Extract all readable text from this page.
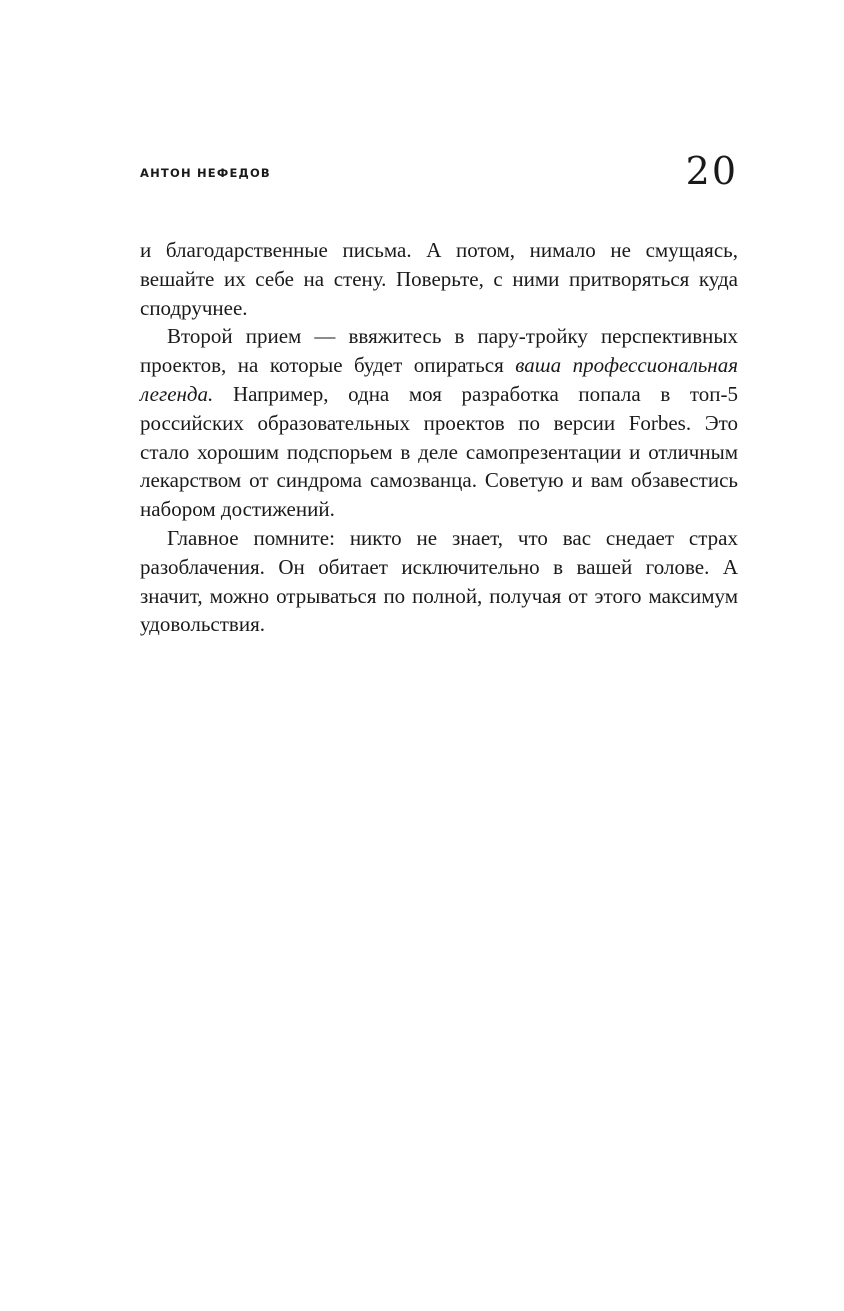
АНТОН НЕФЕДОВ	20

и благодарственные письма. А потом, нимало не смущаясь, вешайте их себе на стену. Поверьте, с ними притворяться куда сподручнее.

Второй прием — ввяжитесь в пару-тройку перспективных проектов, на которые будет опираться ваша профессиональная легенда. Например, одна моя разработка попала в топ-5 российских образовательных проектов по версии Forbes. Это стало хорошим подспорьем в деле самопрезентации и отличным лекарством от синдрома самозванца. Советую и вам обзавестись набором достижений.

Главное помните: никто не знает, что вас снедает страх разоблачения. Он обитает исключительно в вашей голове. А значит, можно отрываться по полной, получая от этого максимум удовольствия.
